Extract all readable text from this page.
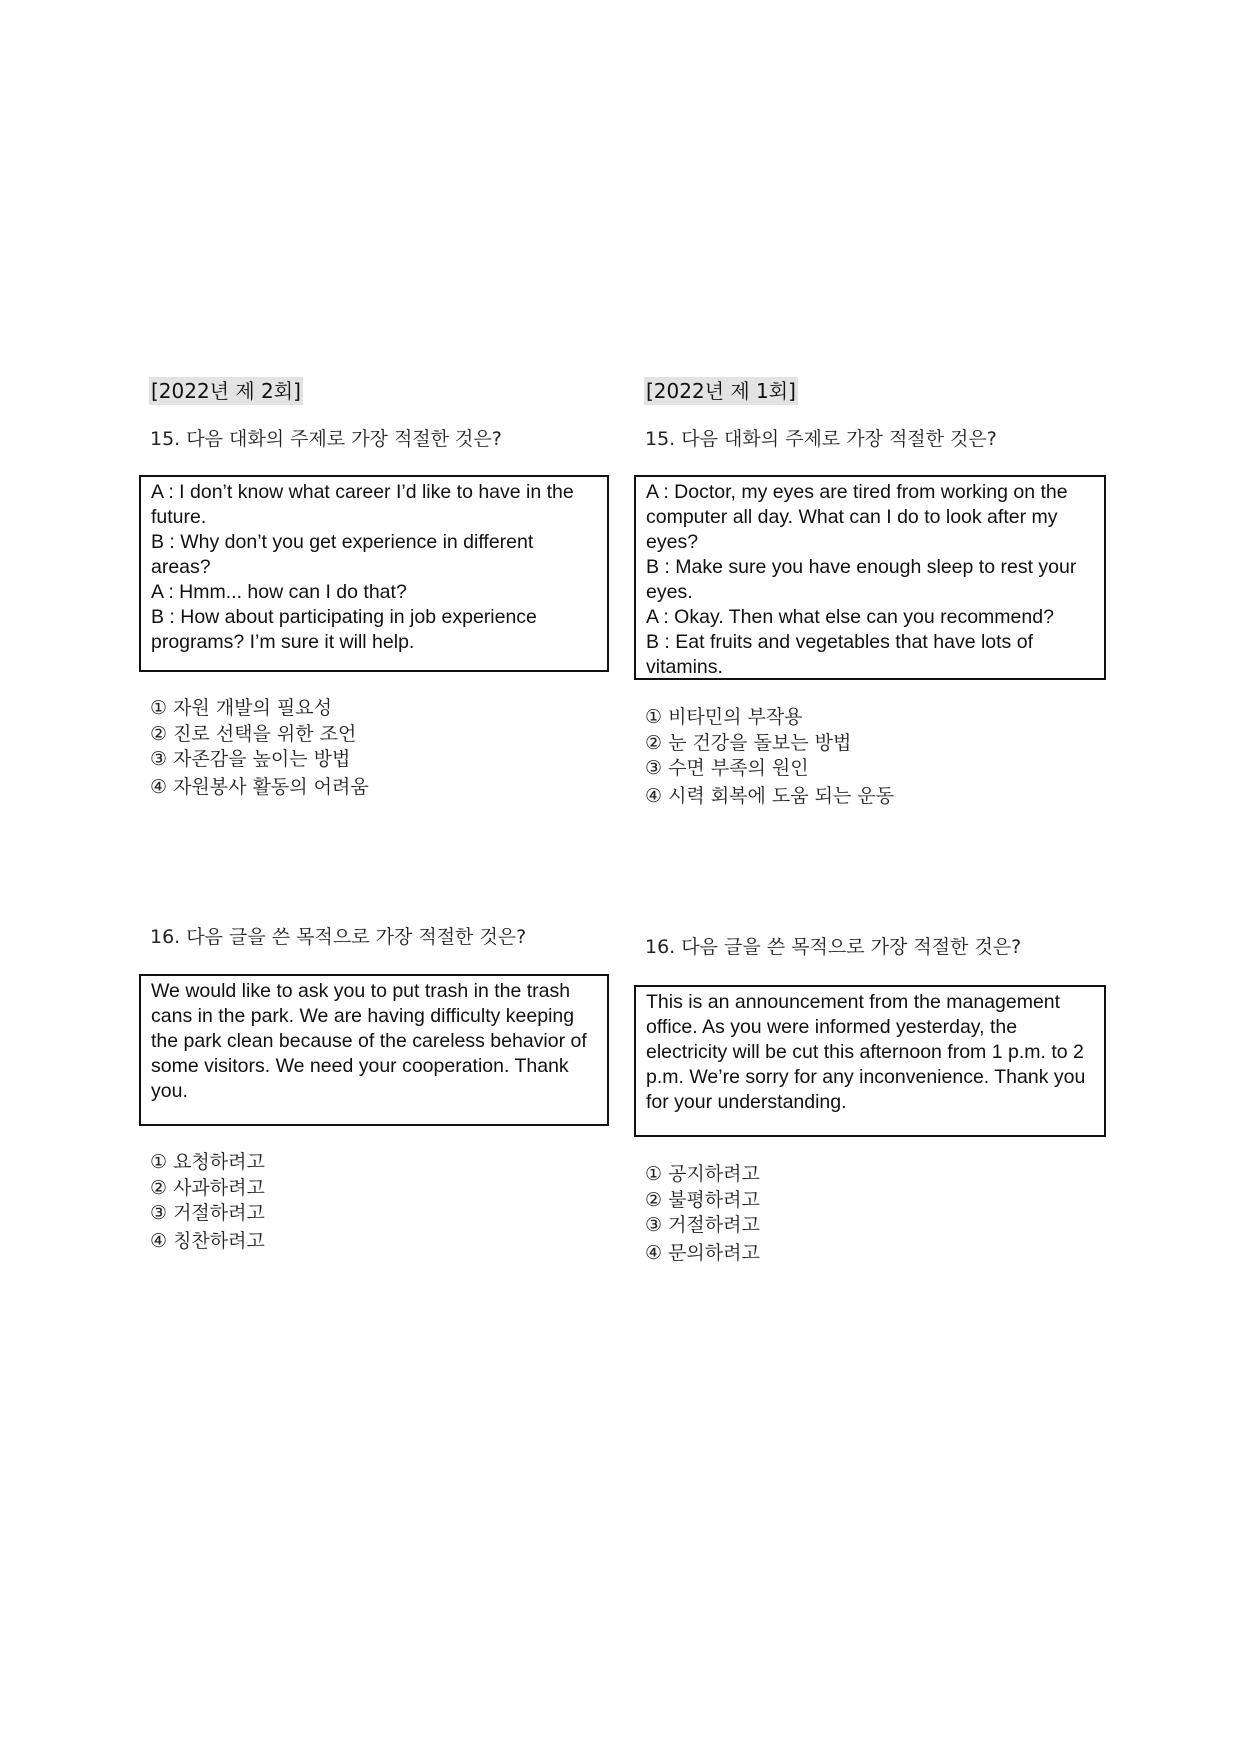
[2022년 제 2회]
15. 다음 대화의 주제로 가장 적절한 것은?

A : I don’t know what career I’d like to have in the future.

B : Why don’t you get experience in different areas?

A : Hmm... how can I do that?

B : How about participating in job experience programs? I’m sure it will help.

① 자원 개발의 필요성
② 진로 선택을 위한 조언
③ 자존감을 높이는 방법
④ 자원봉사 활동의 어려움
16. 다음 글을 쓴 목적으로 가장 적절한 것은?

We would like to ask you to put trash in the trash cans in the park. We are having difficulty keeping the park clean because of the careless behavior of some visitors. We need your cooperation. Thank you.

① 요청하려고
② 사과하려고
③ 거절하려고
④ 칭찬하려고
[2022년 제 1회]
15. 다음 대화의 주제로 가장 적절한 것은?

A : Doctor, my eyes are tired from working on the computer all day. What can I do to look after my eyes?

B : Make sure you have enough sleep to rest your eyes.

A : Okay. Then what else can you recommend?

B : Eat fruits and vegetables that have lots of vitamins.

① 비타민의 부작용
② 눈 건강을 돌보는 방법
③ 수면 부족의 원인
④ 시력 회복에 도움 되는 운동
16. 다음 글을 쓴 목적으로 가장 적절한 것은?

This is an announcement from the management office. As you were informed yesterday, the electricity will be cut this afternoon from 1 p.m. to 2 p.m. We’re sorry for any inconvenience. Thank you for your understanding.

① 공지하려고
② 불평하려고
③ 거절하려고
④ 문의하려고
